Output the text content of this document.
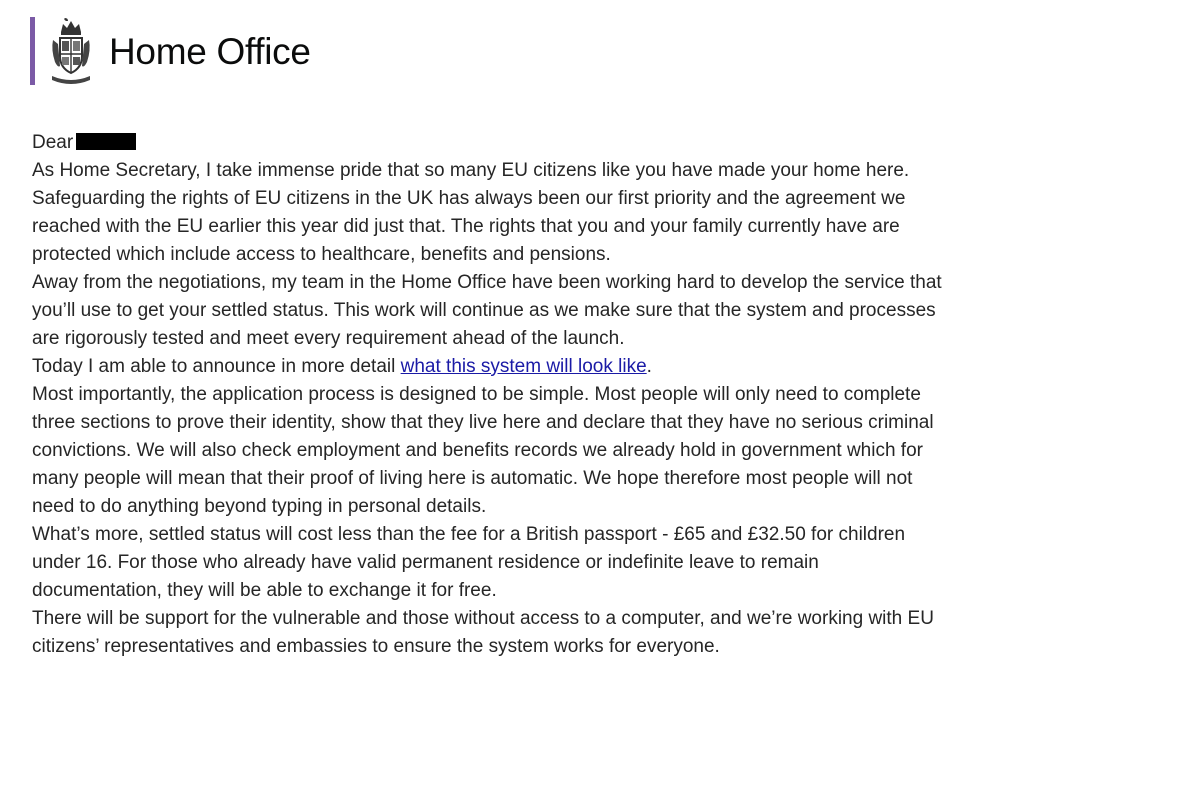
Home Office

Dear

As Home Secretary, I take immense pride that so many EU citizens like you have made your home here.

Safeguarding the rights of EU citizens in the UK has always been our first priority and the agreement we reached with the EU earlier this year did just that. The rights that you and your family currently have are protected which include access to healthcare, benefits and pensions.

Away from the negotiations, my team in the Home Office have been working hard to develop the service that you’ll use to get your settled status. This work will continue as we make sure that the system and processes are rigorously tested and meet every requirement ahead of the launch.

Today I am able to announce in more detail what this system will look like.

Most importantly, the application process is designed to be simple. Most people will only need to complete three sections to prove their identity, show that they live here and declare that they have no serious criminal convictions. We will also check employment and benefits records we already hold in government which for many people will mean that their proof of living here is automatic. We hope therefore most people will not need to do anything beyond typing in personal details.

What’s more, settled status will cost less than the fee for a British passport - £65 and £32.50 for children under 16. For those who already have valid permanent residence or indefinite leave to remain documentation, they will be able to exchange it for free.

There will be support for the vulnerable and those without access to a computer, and we’re working with EU citizens’ representatives and embassies to ensure the system works for everyone.
